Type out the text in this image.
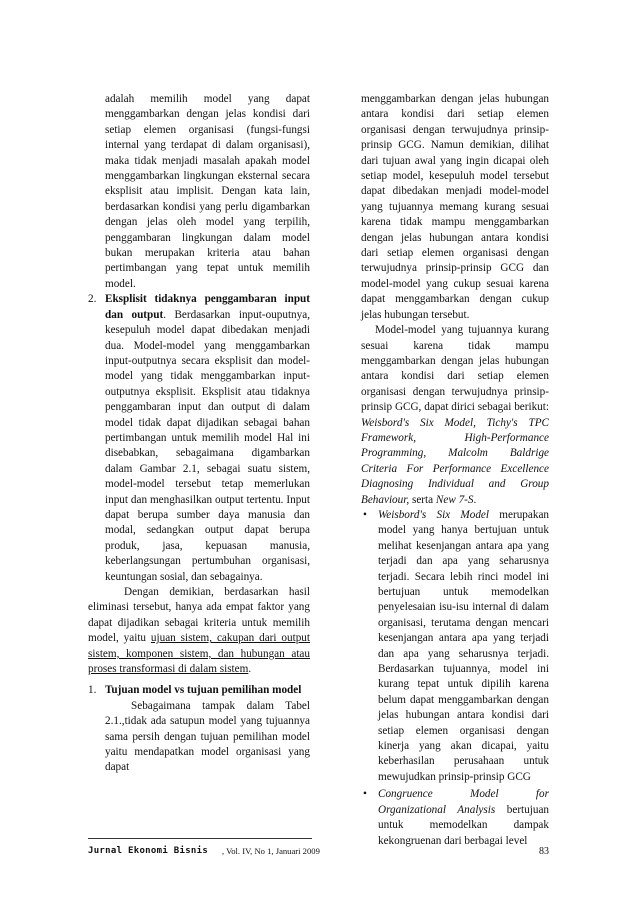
adalah memilih model yang dapat menggambarkan dengan jelas kondisi dari setiap elemen organisasi (fungsi-fungsi internal yang terdapat di dalam organisasi), maka tidak menjadi masalah apakah model menggambarkan lingkungan eksternal secara eksplisit atau implisit. Dengan kata lain, berdasarkan kondisi yang perlu digambarkan dengan jelas oleh model yang terpilih, penggambaran lingkungan dalam model bukan merupakan kriteria atau bahan pertimbangan yang tepat untuk memilih model.

2. Eksplisit tidaknya penggambaran input dan output. Berdasarkan input-ouputnya, kesepuluh model dapat dibedakan menjadi dua. Model-model yang menggambarkan input-outputnya secara eksplisit dan model-model yang tidak menggambarkan input-outputnya eksplisit. Eksplisit atau tidaknya penggambaran input dan output di dalam model tidak dapat dijadikan sebagai bahan pertimbangan untuk memilih model Hal ini disebabkan, sebagaimana digambarkan dalam Gambar 2.1, sebagai suatu sistem, model-model tersebut tetap memerlukan input dan menghasilkan output tertentu. Input dapat berupa sumber daya manusia dan modal, sedangkan output dapat berupa produk, jasa, kepuasan manusia, keberlangsungan pertumbuhan organisasi, keuntungan sosial, dan sebagainya.

Dengan demikian, berdasarkan hasil eliminasi tersebut, hanya ada empat faktor yang dapat dijadikan sebagai kriteria untuk memilih model, yaitu ujuan sistem, cakupan dari output sistem, komponen sistem, dan hubungan atau proses transformasi di dalam sistem.

1. Tujuan model vs tujuan pemilihan model
Sebagaimana tampak dalam Tabel 2.1.,tidak ada satupun model yang tujuannya sama persih dengan tujuan pemilihan model yaitu mendapatkan model organisasi yang dapat

menggambarkan dengan jelas hubungan antara kondisi dari setiap elemen organisasi dengan terwujudnya prinsip-prinsip GCG. Namun demikian, dilihat dari tujuan awal yang ingin dicapai oleh setiap model, kesepuluh model tersebut dapat dibedakan menjadi model-model yang tujuannya memang kurang sesuai karena tidak mampu menggambarkan dengan jelas hubungan antara kondisi dari setiap elemen organisasi dengan terwujudnya prinsip-prinsip GCG dan model-model yang cukup sesuai karena dapat menggambarkan dengan cukup jelas hubungan tersebut.

Model-model yang tujuannya kurang sesuai karena tidak mampu menggambarkan dengan jelas hubungan antara kondisi dari setiap elemen organisasi dengan terwujudnya prinsip-prinsip GCG, dapat dirici sebagai berikut: Weisbord's Six Model, Tichy's TPC Framework, High-Performance Programming, Malcolm Baldrige Criteria For Performance Excellence Diagnosing Individual and Group Behaviour, serta New 7-S.

• Weisbord's Six Model merupakan model yang hanya bertujuan untuk melihat kesenjangan antara apa yang terjadi dan apa yang seharusnya terjadi. Secara lebih rinci model ini bertujuan untuk memodelkan penyelesaian isu-isu internal di dalam organisasi, terutama dengan mencari kesenjangan antara apa yang terjadi dan apa yang seharusnya terjadi. Berdasarkan tujuannya, model ini kurang tepat untuk dipilih karena belum dapat menggambarkan dengan jelas hubungan antara kondisi dari setiap elemen organisasi dengan kinerja yang akan dicapai, yaitu keberhasilan perusahaan untuk mewujudkan prinsip-prinsip GCG
• Congruence Model for Organizational Analysis bertujuan untuk memodelkan dampak kekongruenan dari berbagai level
Jurnal Ekonomi Bisnis , Vol. IV, No 1, Januari 2009	83
